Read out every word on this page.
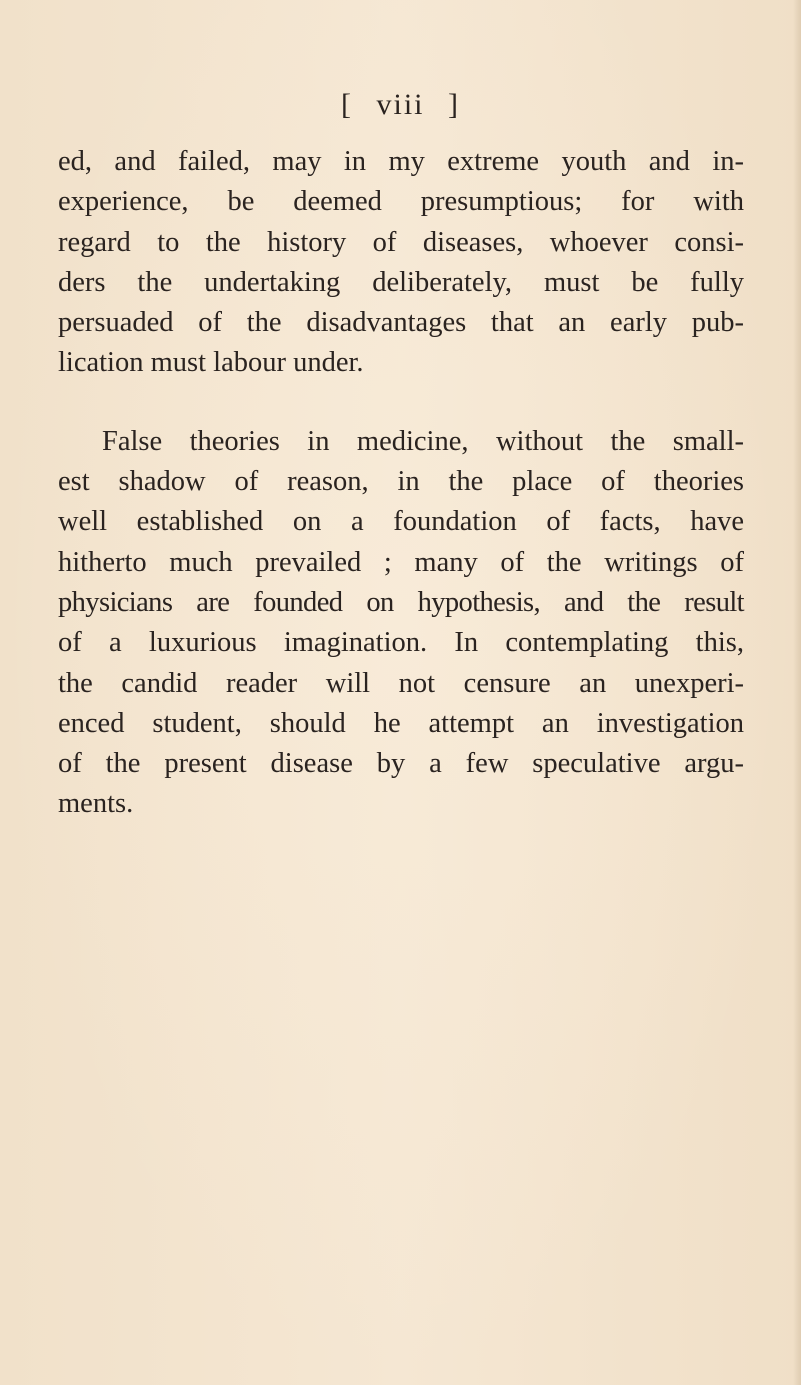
[ viii ]

ed, and failed, may in my extreme youth and in-
experience, be deemed presumptious; for with
regard to the history of diseases, whoever consi-
ders the undertaking deliberately, must be fully
persuaded of the disadvantages that an early pub-
lication must labour under.

False theories in medicine, without the small-
est shadow of reason, in the place of theories
well established on a foundation of facts, have
hitherto much prevailed ; many of the writings of
physicians are founded on hypothesis, and the result
of a luxurious imagination. In contemplating this,
the candid reader will not censure an unexperi-
enced student, should he attempt an investigation
of the present disease by a few speculative argu-
ments.
